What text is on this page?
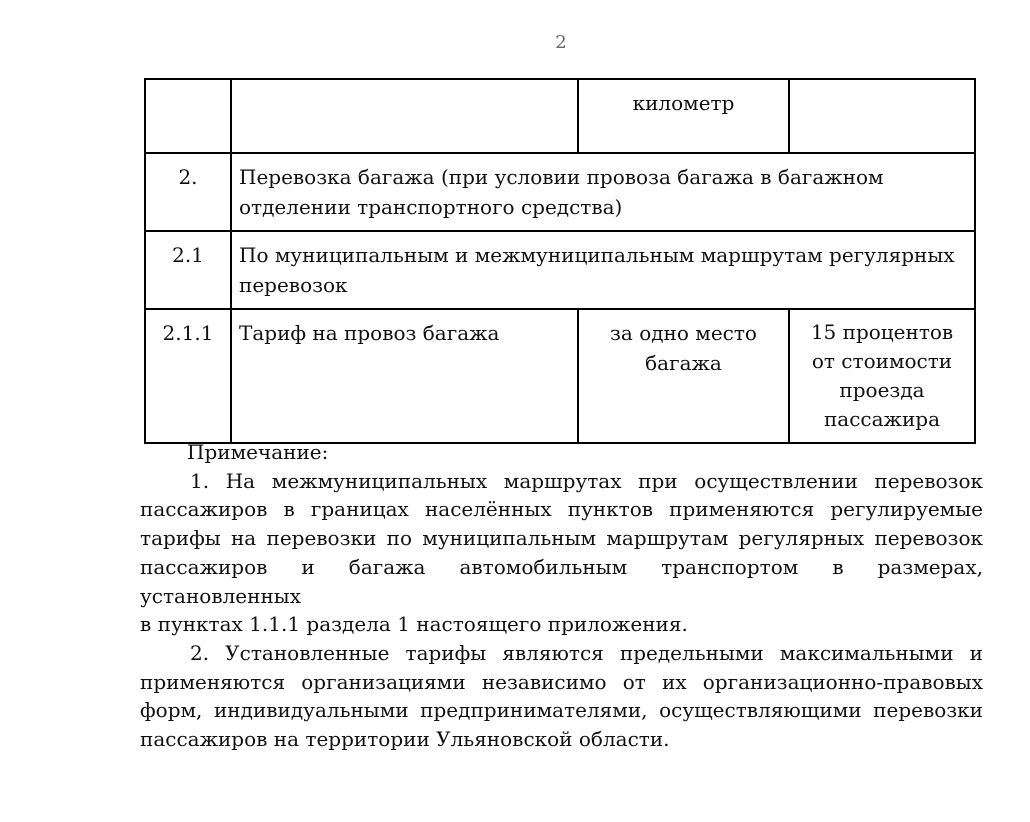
2
		километр	
2.	Перевозка багажа (при условии провоза багажа в багажном отделении транспортного средства)		
2.1	По муниципальным и межмуниципальным маршрутам регулярных перевозок		
2.1.1	Тариф на провоз багажа	за одно место багажа	15 процентов от стоимости проезда пассажира

Примечание:

1. На межмуниципальных маршрутах при осуществлении перевозок пассажиров в границах населённых пунктов применяются регулируемые тарифы на перевозки по муниципальным маршрутам регулярных перевозок пассажиров и багажа автомобильным транспортом в размерах, установленных

в пунктах 1.1.1 раздела 1 настоящего приложения.

2. Установленные тарифы являются предельными максимальными и применяются организациями независимо от их организационно-правовых форм, индивидуальными предпринимателями, осуществляющими перевозки пассажиров на территории Ульяновской области.
